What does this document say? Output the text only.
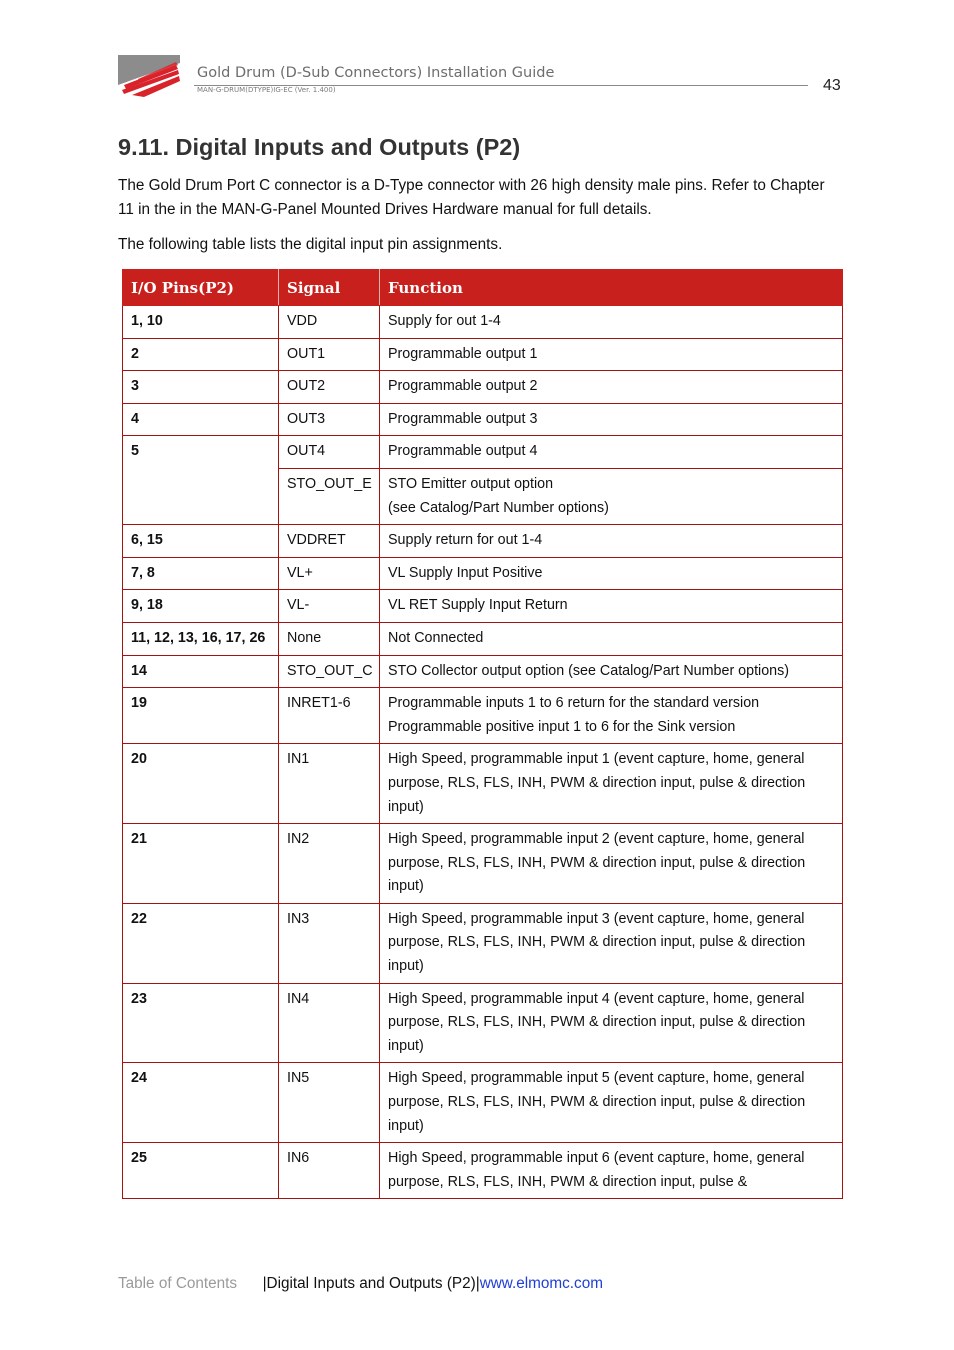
Gold Drum (D-Sub Connectors) Installation Guide
MAN-G-DRUM(DTYPE)IG-EC (Ver. 1.400)	43
9.11. Digital Inputs and Outputs (P2)
The Gold Drum Port C connector is a D-Type connector with 26 high density male pins. Refer to Chapter 11 in the in the MAN-G-Panel Mounted Drives Hardware manual for full details.
The following table lists the digital input pin assignments.
I/O Pins(P2)	Signal	Function
1, 10	VDD	Supply for out 1-4
2	OUT1	Programmable output 1
3	OUT2	Programmable output 2
4	OUT3	Programmable output 3
5	OUT4	Programmable output 4
	STO_OUT_E	STO Emitter output option
(see Catalog/Part Number options)
6, 15	VDDRET	Supply return for out 1-4
7, 8	VL+	VL Supply Input Positive
9, 18	VL-	VL RET Supply Input Return
11, 12, 13, 16, 17, 26	None	Not Connected
14	STO_OUT_C	STO Collector output option (see Catalog/Part Number options)
19	INRET1-6	Programmable inputs 1 to 6 return for the standard version
Programmable positive input 1 to 6 for the Sink version
20	IN1	High Speed, programmable input 1 (event capture, home, general purpose, RLS, FLS, INH, PWM & direction input, pulse & direction input)
21	IN2	High Speed, programmable input 2 (event capture, home, general purpose, RLS, FLS, INH, PWM & direction input, pulse & direction input)
22	IN3	High Speed, programmable input 3 (event capture, home, general purpose, RLS, FLS, INH, PWM & direction input, pulse & direction input)
23	IN4	High Speed, programmable input 4 (event capture, home, general purpose, RLS, FLS, INH, PWM & direction input, pulse & direction input)
24	IN5	High Speed, programmable input 5 (event capture, home, general purpose, RLS, FLS, INH, PWM & direction input, pulse & direction input)
25	IN6	High Speed, programmable input 6 (event capture, home, general purpose, RLS, FLS, INH, PWM & direction input, pulse &
Table of Contents |Digital Inputs and Outputs (P2)|www.elmomc.com
